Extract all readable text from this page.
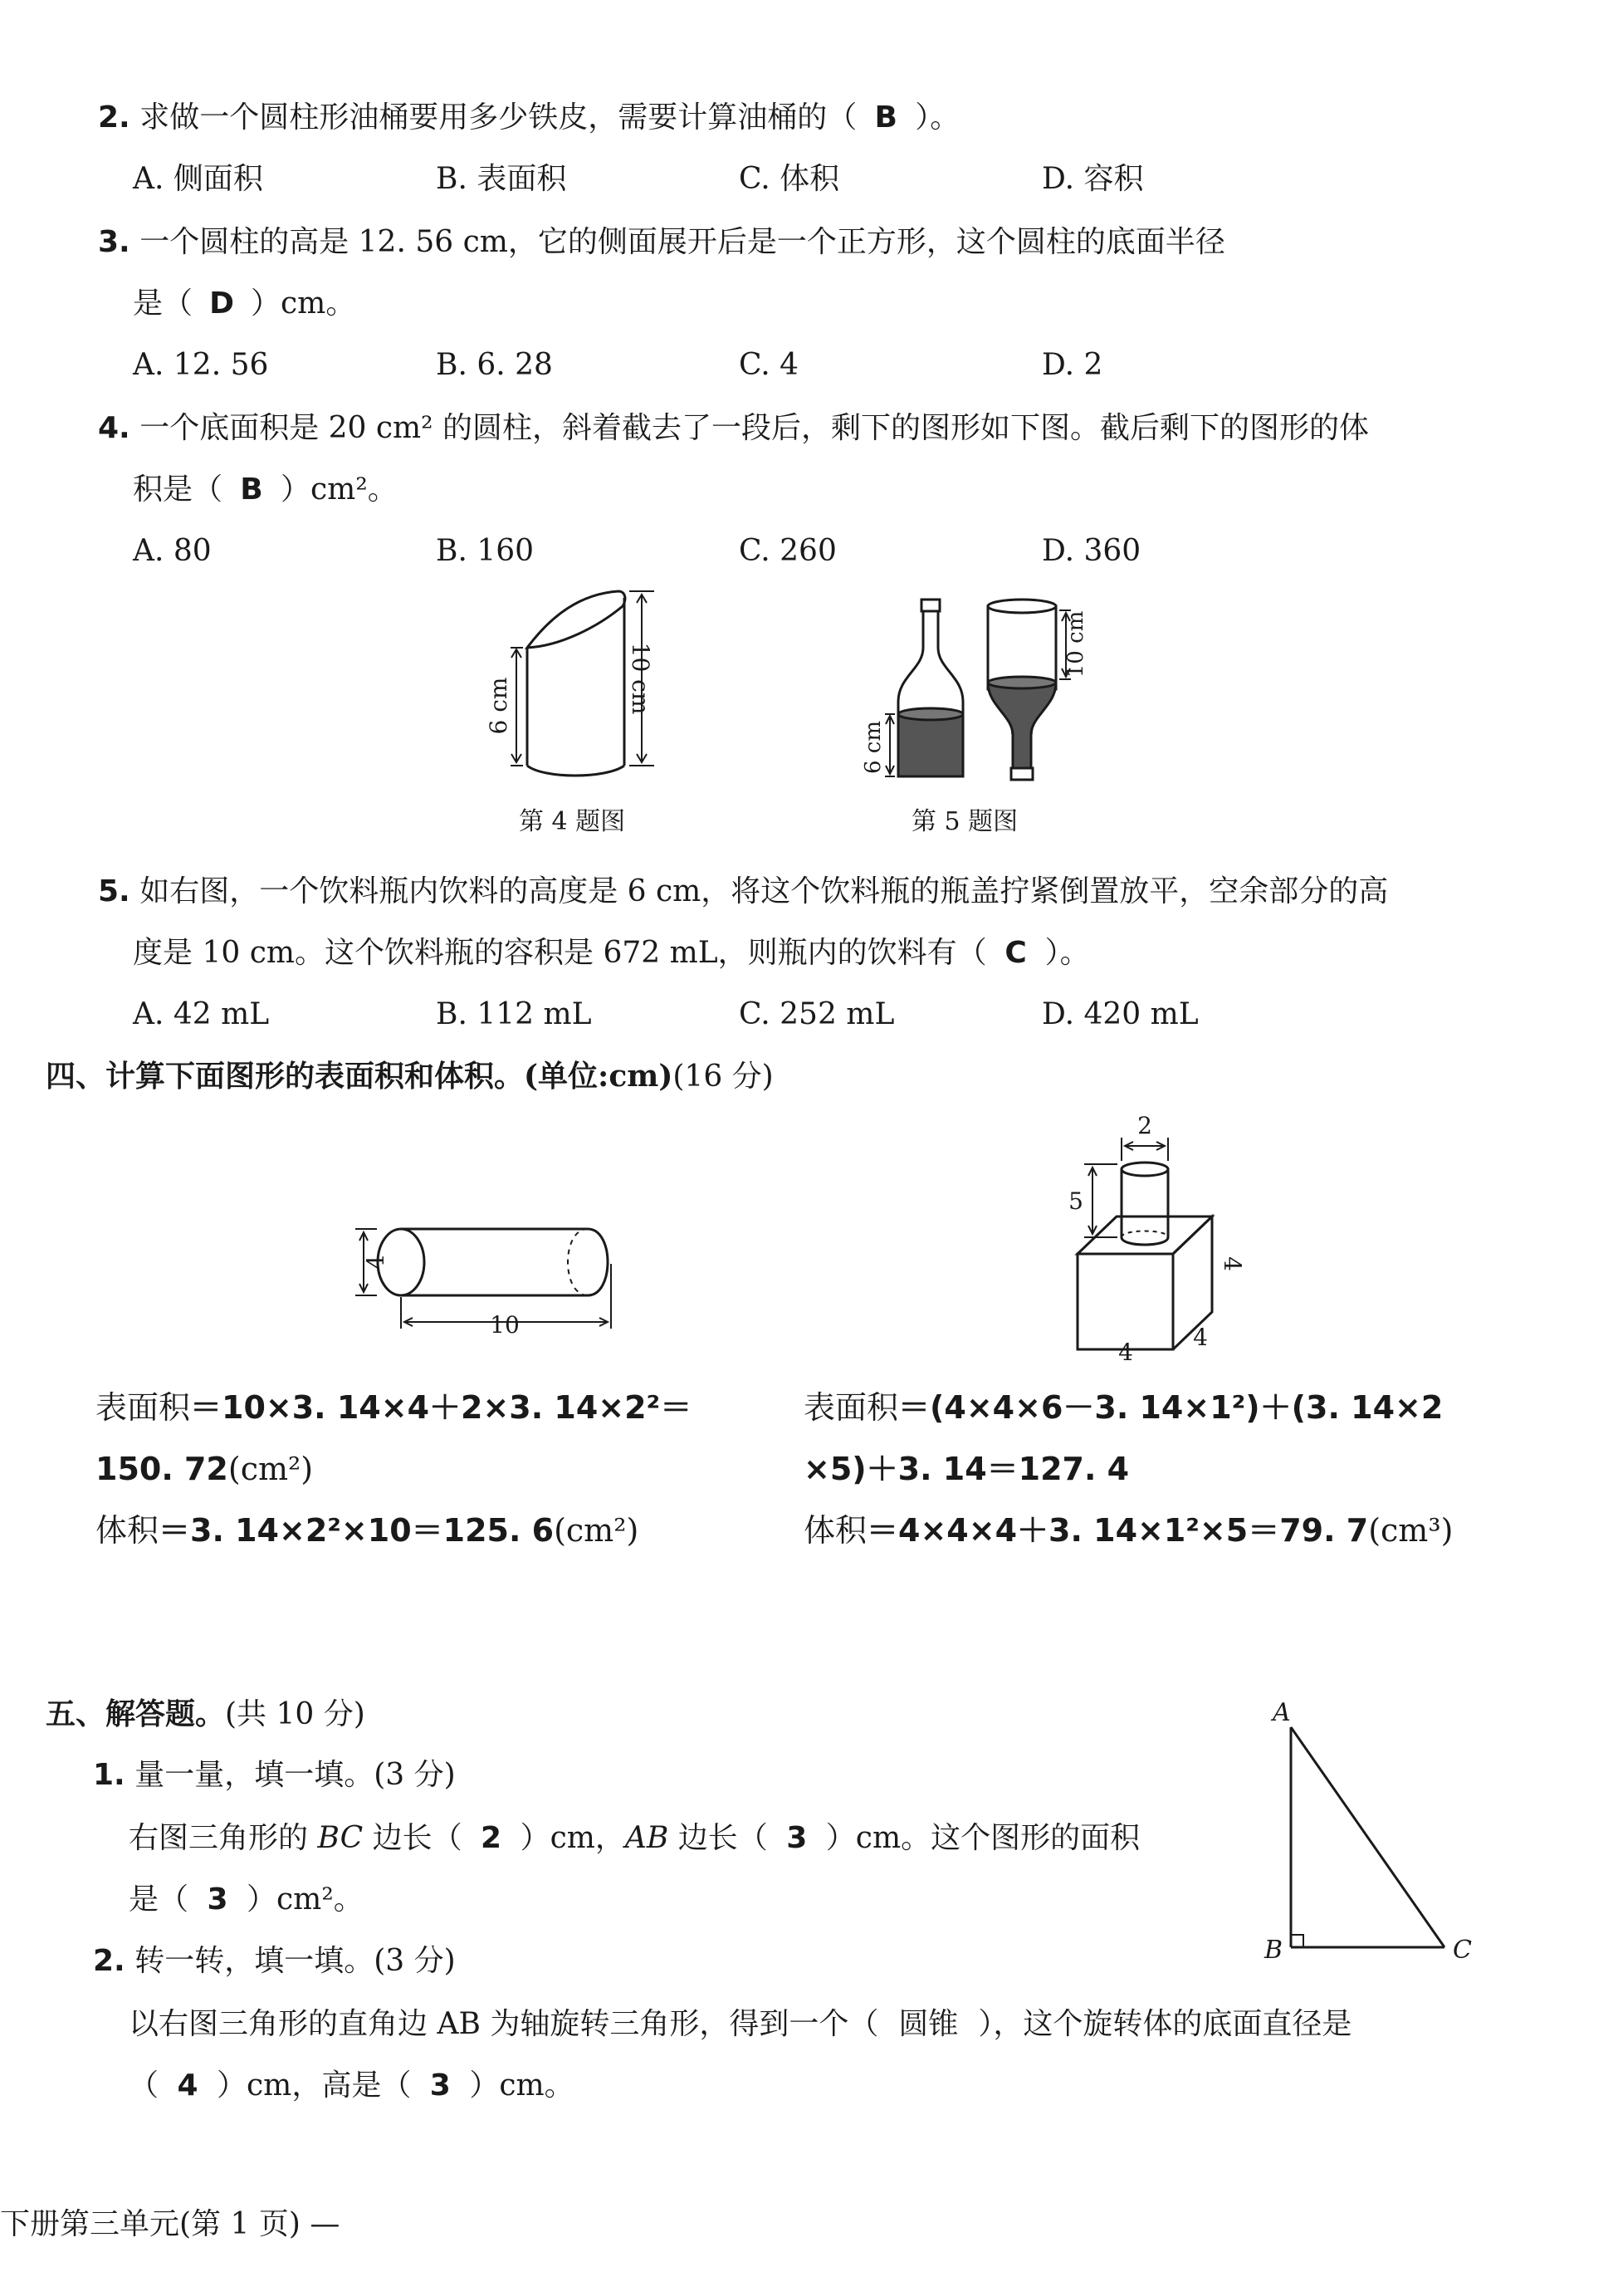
2. 求做一个圆柱形油桶要用多少铁皮，需要计算油桶的（ B ）。
A. 侧面积	B. 表面积	C. 体积	D. 容积
3. 一个圆柱的高是 12. 56 cm，它的侧面展开后是一个正方形，这个圆柱的底面半径
是（ D ）cm。
A. 12. 56	B. 6. 28	C. 4	D. 2
4. 一个底面积是 20 cm² 的圆柱，斜着截去了一段后，剩下的图形如下图。截后剩下的图形的体
积是（ B ）cm²。
A. 80	B. 160	C. 260	D. 360
6 cm	10 cm
第 4 题图
6 cm
10 cm
第 5 题图
5. 如右图，一个饮料瓶内饮料的高度是 6 cm，将这个饮料瓶的瓶盖拧紧倒置放平，空余部分的高
度是 10 cm。这个饮料瓶的容积是 672 mL，则瓶内的饮料有（ C ）。
A. 42 mL	B. 112 mL	C. 252 mL	D. 420 mL
四、计算下面图形的表面积和体积。(单位:cm)(16 分)
4
10
2
5
4
4
4
表面积＝10×3. 14×4＋2×3. 14×2²＝
150. 72(cm²)
体积＝3. 14×2²×10＝125. 6(cm²)
表面积＝(4×4×6－3. 14×1²)＋(3. 14×2
×5)＋3. 14＝127. 4
体积＝4×4×4＋3. 14×1²×5＝79. 7(cm³)
五、解答题。(共 10 分)
1. 量一量，填一填。(3 分)
右图三角形的 BC 边长（ 2 ）cm，AB 边长（ 3 ）cm。这个图形的面积
是（ 3 ）cm²。
2. 转一转，填一填。(3 分)
以右图三角形的直角边 AB 为轴旋转三角形，得到一个（ 圆锥 ），这个旋转体的底面直径是
（ 4 ）cm，高是（ 3 ）cm。
A
B	C
下册第三单元(第 1 页) —
